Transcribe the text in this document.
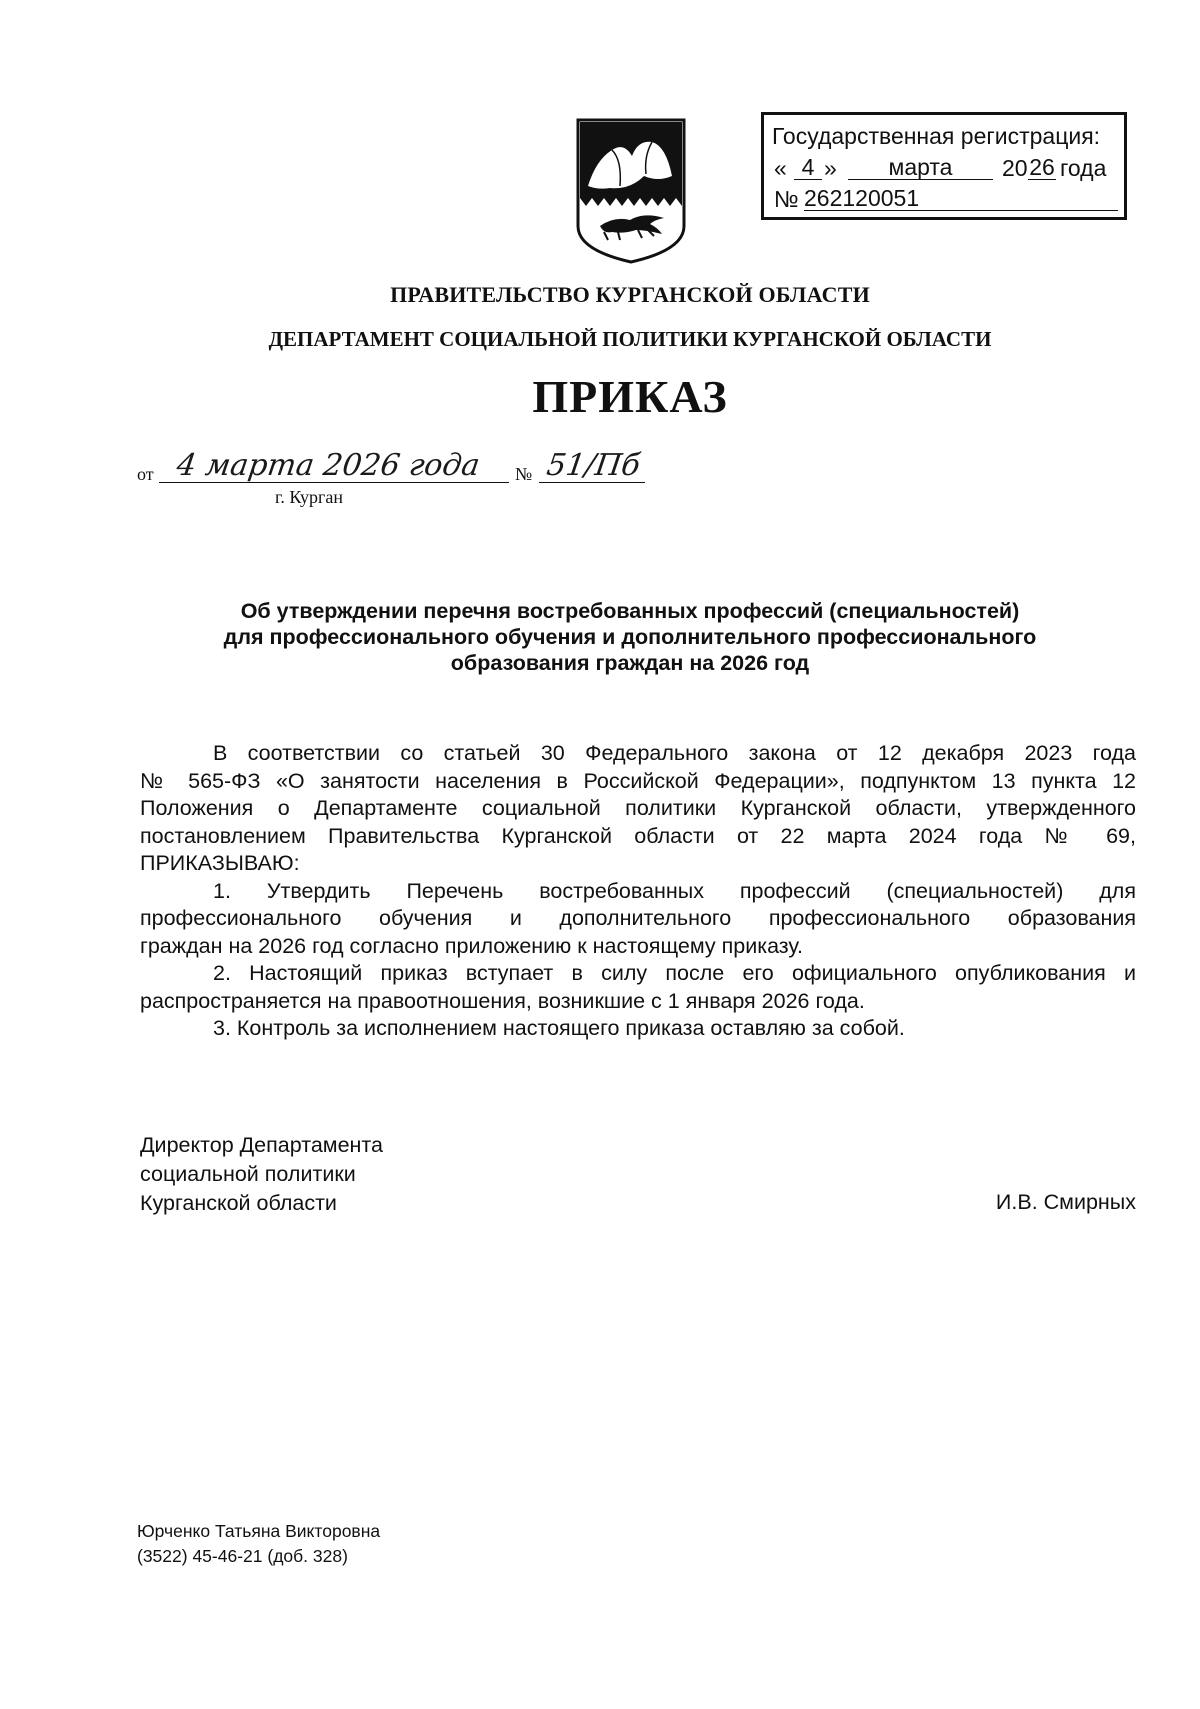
Государственная регистрация:
« 4 »	марта	20 26 года
№ 262120051
ПРАВИТЕЛЬСТВО КУРГАНСКОЙ ОБЛАСТИ
ДЕПАРТАМЕНТ СОЦИАЛЬНОЙ ПОЛИТИКИ КУРГАНСКОЙ ОБЛАСТИ
ПРИКАЗ
от 4 марта 2026 года № 51/Пб
г. Курган
Об утверждении перечня востребованных профессий (специальностей)
для профессионального обучения и дополнительного профессионального
образования граждан на 2026 год
В соответствии со статьей 30 Федерального закона от 12 декабря 2023 года
№ 565-ФЗ «О занятости населения в Российской Федерации», подпунктом 13 пункта 12
Положения о Департаменте социальной политики Курганской области, утвержденного
постановлением Правительства Курганской области от 22 марта 2024 года № 69,
ПРИКАЗЫВАЮ:
1. Утвердить Перечень востребованных профессий (специальностей) для
профессионального обучения и дополнительного профессионального образования
граждан на 2026 год согласно приложению к настоящему приказу.
2. Настоящий приказ вступает в силу после его официального опубликования и
распространяется на правоотношения, возникшие с 1 января 2026 года.
3. Контроль за исполнением настоящего приказа оставляю за собой.
Директор Департамента
социальной политики
Курганской области	И.В. Смирных
Юрченко Татьяна Викторовна
(3522) 45-46-21 (доб. 328)
